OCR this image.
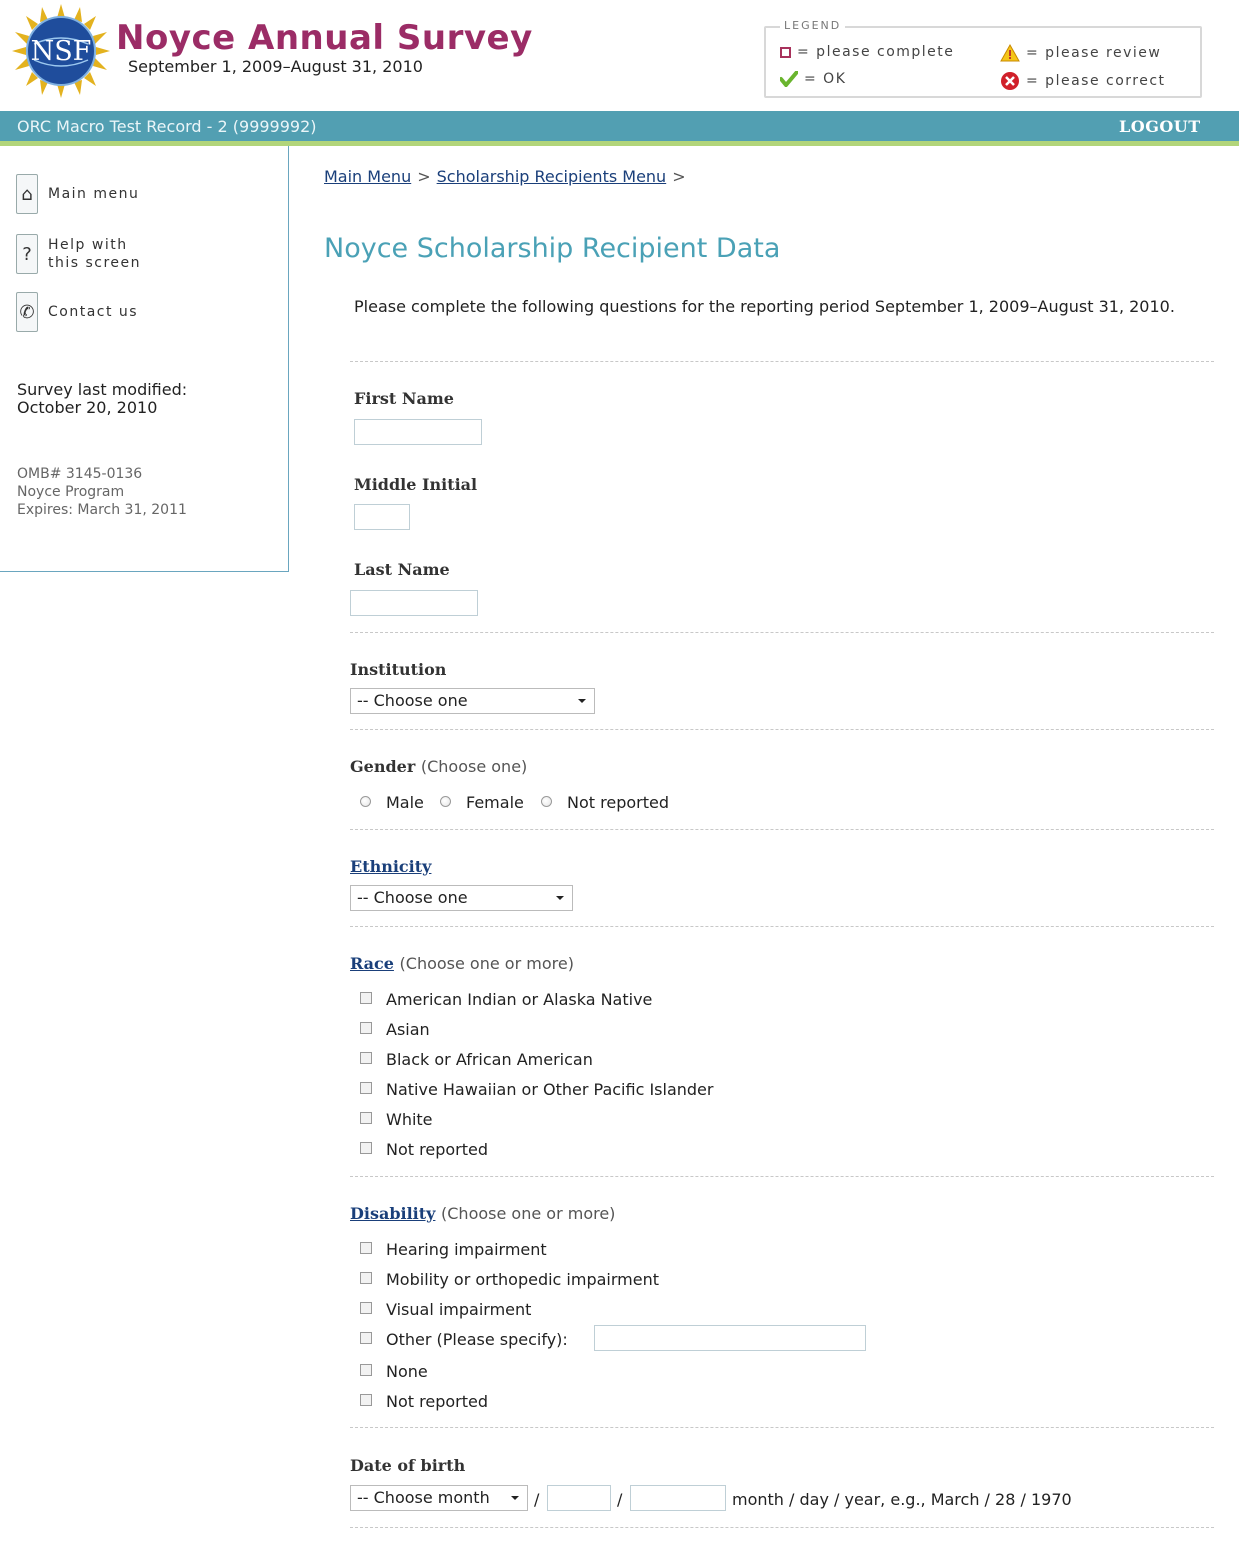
NSF Noyce Annual Survey
September 1, 2009–August 31, 2010
LEGEND
= please complete	= please review
= OK	= please correct
ORC Macro Test Record - 2 (9999992)	LOGOUT
⌂	Main menu
?	Help with
this screen
✆ Contact us
Survey last modified:
October 20, 2010
OMB# 3145-0136
Noyce Program
Expires: March 31, 2011
Main Menu > Scholarship Recipients Menu >
Noyce Scholarship Recipient Data
Please complete the following questions for the reporting period September 1, 2009–August 31, 2010.
First Name
Middle Initial
Last Name
Institution
-- Choose one
Gender (Choose one)
Male	Female	Not reported
Ethnicity
-- Choose one
Race (Choose one or more)
American Indian or Alaska Native
Asian
Black or African American
Native Hawaiian or Other Pacific Islander
White
Not reported
Disability (Choose one or more)
Hearing impairment
Mobility or orthopedic impairment
Visual impairment
Other (Please specify):
None
Not reported
Date of birth
-- Choose month	/	/	month / day / year, e.g., March / 28 / 1970
